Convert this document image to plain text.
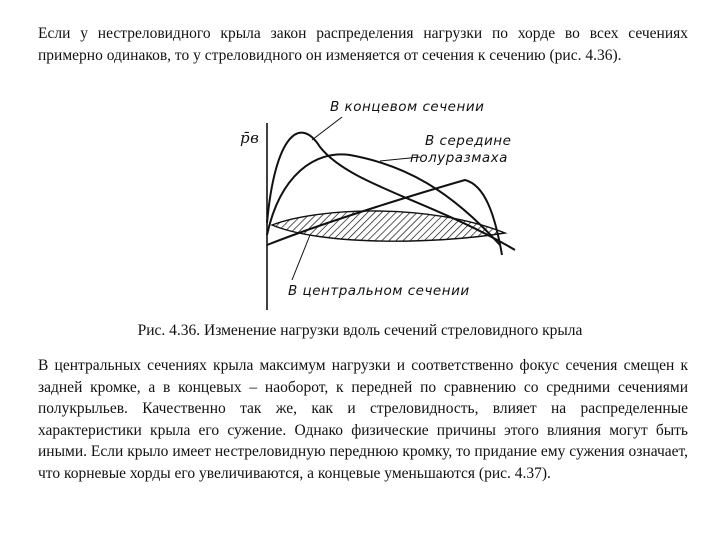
Если у нестреловидного крыла закон распределения нагрузки по хорде во всех сечениях примерно одинаков, то у стреловидного он изменяется от сечения к сечению (рис. 4.36).

p̄в
В концевом сечении
В середине
полуразмаха
В центральном сечении

Рис. 4.36. Изменение нагрузки вдоль сечений стреловидного крыла

В центральных сечениях крыла максимум нагрузки и соответственно фокус сечения смещен к задней кромке, а в концевых – наоборот, к передней по сравнению со средними сечениями полукрыльев. Качественно так же, как и стреловидность, влияет на распределенные характеристики крыла его сужение. Однако физические причины этого влияния могут быть иными. Если крыло имеет нестреловидную переднюю кромку, то придание ему сужения означает, что корневые хорды его увеличиваются, а концевые уменьшаются (рис. 4.37).
